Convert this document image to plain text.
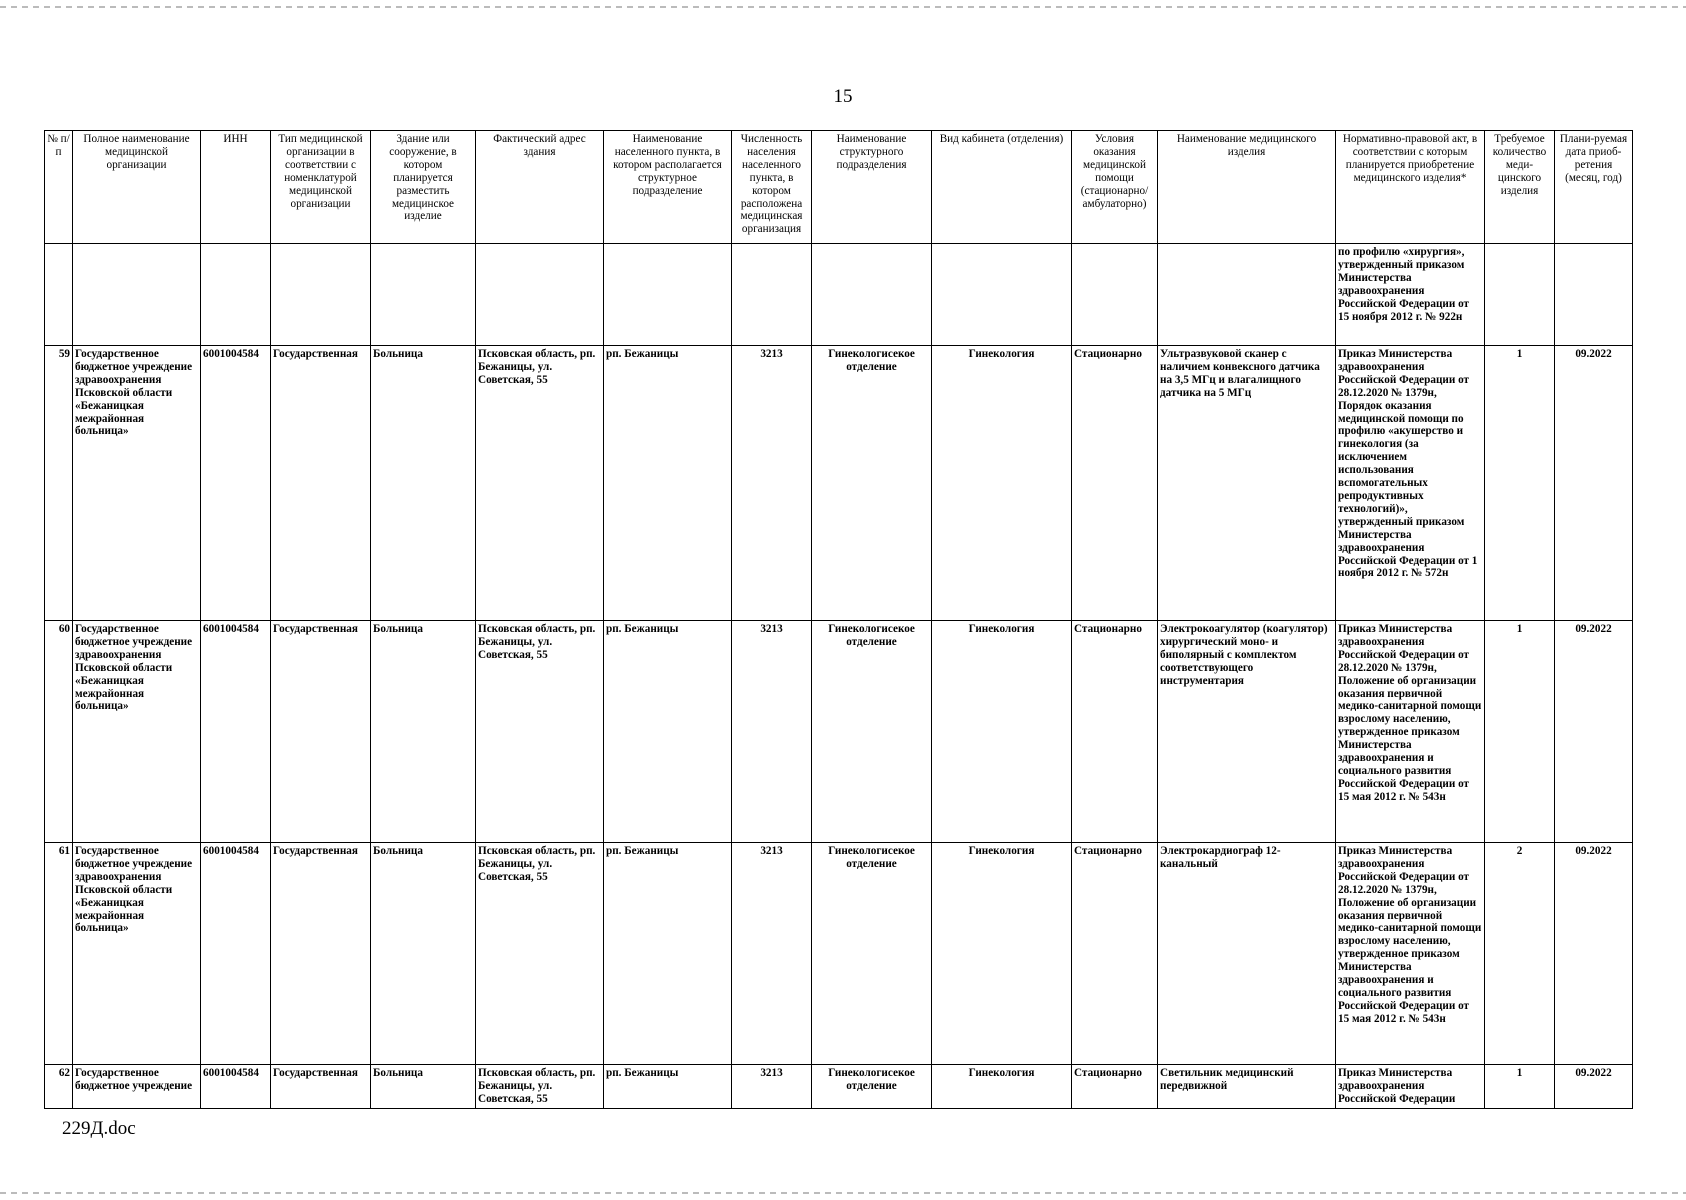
15
№ п/п	Полное наименование медицинской организации	ИНН	Тип медицинской организации в соответствии с номенклатурой медицинской организации	Здание или сооружение, в котором планируется разместить медицинское изделие	Фактический адрес здания	Наименование населенного пункта, в котором располагается структурное подразделение	Численность населения населенного пункта, в котором расположена медицинская организация	Наименование структурного подразделения	Вид кабинета (отделения)	Условия оказания медицинской помощи (стационарно/ амбулаторно)	Наименование медицинского изделия	Нормативно-правовой акт, в соответствии с которым планируется приобретение медицинского изделия*	Требуемое количество меди-цинского изделия	Плани-руемая дата приоб-ретения (месяц, год)
												по профилю «хирургия», утвержденный приказом Министерства здравоохранения Российской Федерации от 15 ноября 2012 г. № 922н		
59	Государственное бюджетное учреждение здравоохранения Псковской области «Бежаницкая межрайонная больница»	6001004584	Государственная	Больница	Псковская область, рп. Бежаницы, ул. Советская, 55	рп. Бежаницы	3213	Гинекологисекое отделение	Гинекология	Стационарно	Ультразвуковой сканер с наличием конвексного датчика на 3,5 МГц и влагалищного датчика на 5 МГц	Приказ Министерства здравоохранения Российской Федерации от 28.12.2020 № 1379н, Порядок оказания медицинской помощи по профилю «акушерство и гинекология (за исключением использования вспомогательных репродуктивных технологий)», утвержденный приказом Министерства здравоохранения Российской Федерации от 1 ноября 2012 г. № 572н	1	09.2022
60	Государственное бюджетное учреждение здравоохранения Псковской области «Бежаницкая межрайонная больница»	6001004584	Государственная	Больница	Псковская область, рп. Бежаницы, ул. Советская, 55	рп. Бежаницы	3213	Гинекологисекое отделение	Гинекология	Стационарно	Электрокоагулятор (коагулятор) хирургический моно- и биполярный с комплектом соответствующего инструментария	Приказ Министерства здравоохранения Российской Федерации от 28.12.2020 № 1379н, Положение об организации оказания первичной медико-санитарной помощи взрослому населению, утвержденное приказом Министерства здравоохранения и социального развития Российской Федерации от 15 мая 2012 г. № 543н	1	09.2022
61	Государственное бюджетное учреждение здравоохранения Псковской области «Бежаницкая межрайонная больница»	6001004584	Государственная	Больница	Псковская область, рп. Бежаницы, ул. Советская, 55	рп. Бежаницы	3213	Гинекологисекое отделение	Гинекология	Стационарно	Электрокардиограф 12-канальный	Приказ Министерства здравоохранения Российской Федерации от 28.12.2020 № 1379н, Положение об организации оказания первичной медико-санитарной помощи взрослому населению, утвержденное приказом Министерства здравоохранения и социального развития Российской Федерации от 15 мая 2012 г. № 543н	2	09.2022
62	Государственное бюджетное учреждение	6001004584	Государственная	Больница	Псковская область, рп. Бежаницы, ул. Советская, 55	рп. Бежаницы	3213	Гинекологисекое отделение	Гинекология	Стационарно	Светильник медицинский передвижной	Приказ Министерства здравоохранения Российской Федерации	1	09.2022
229Д.doc
